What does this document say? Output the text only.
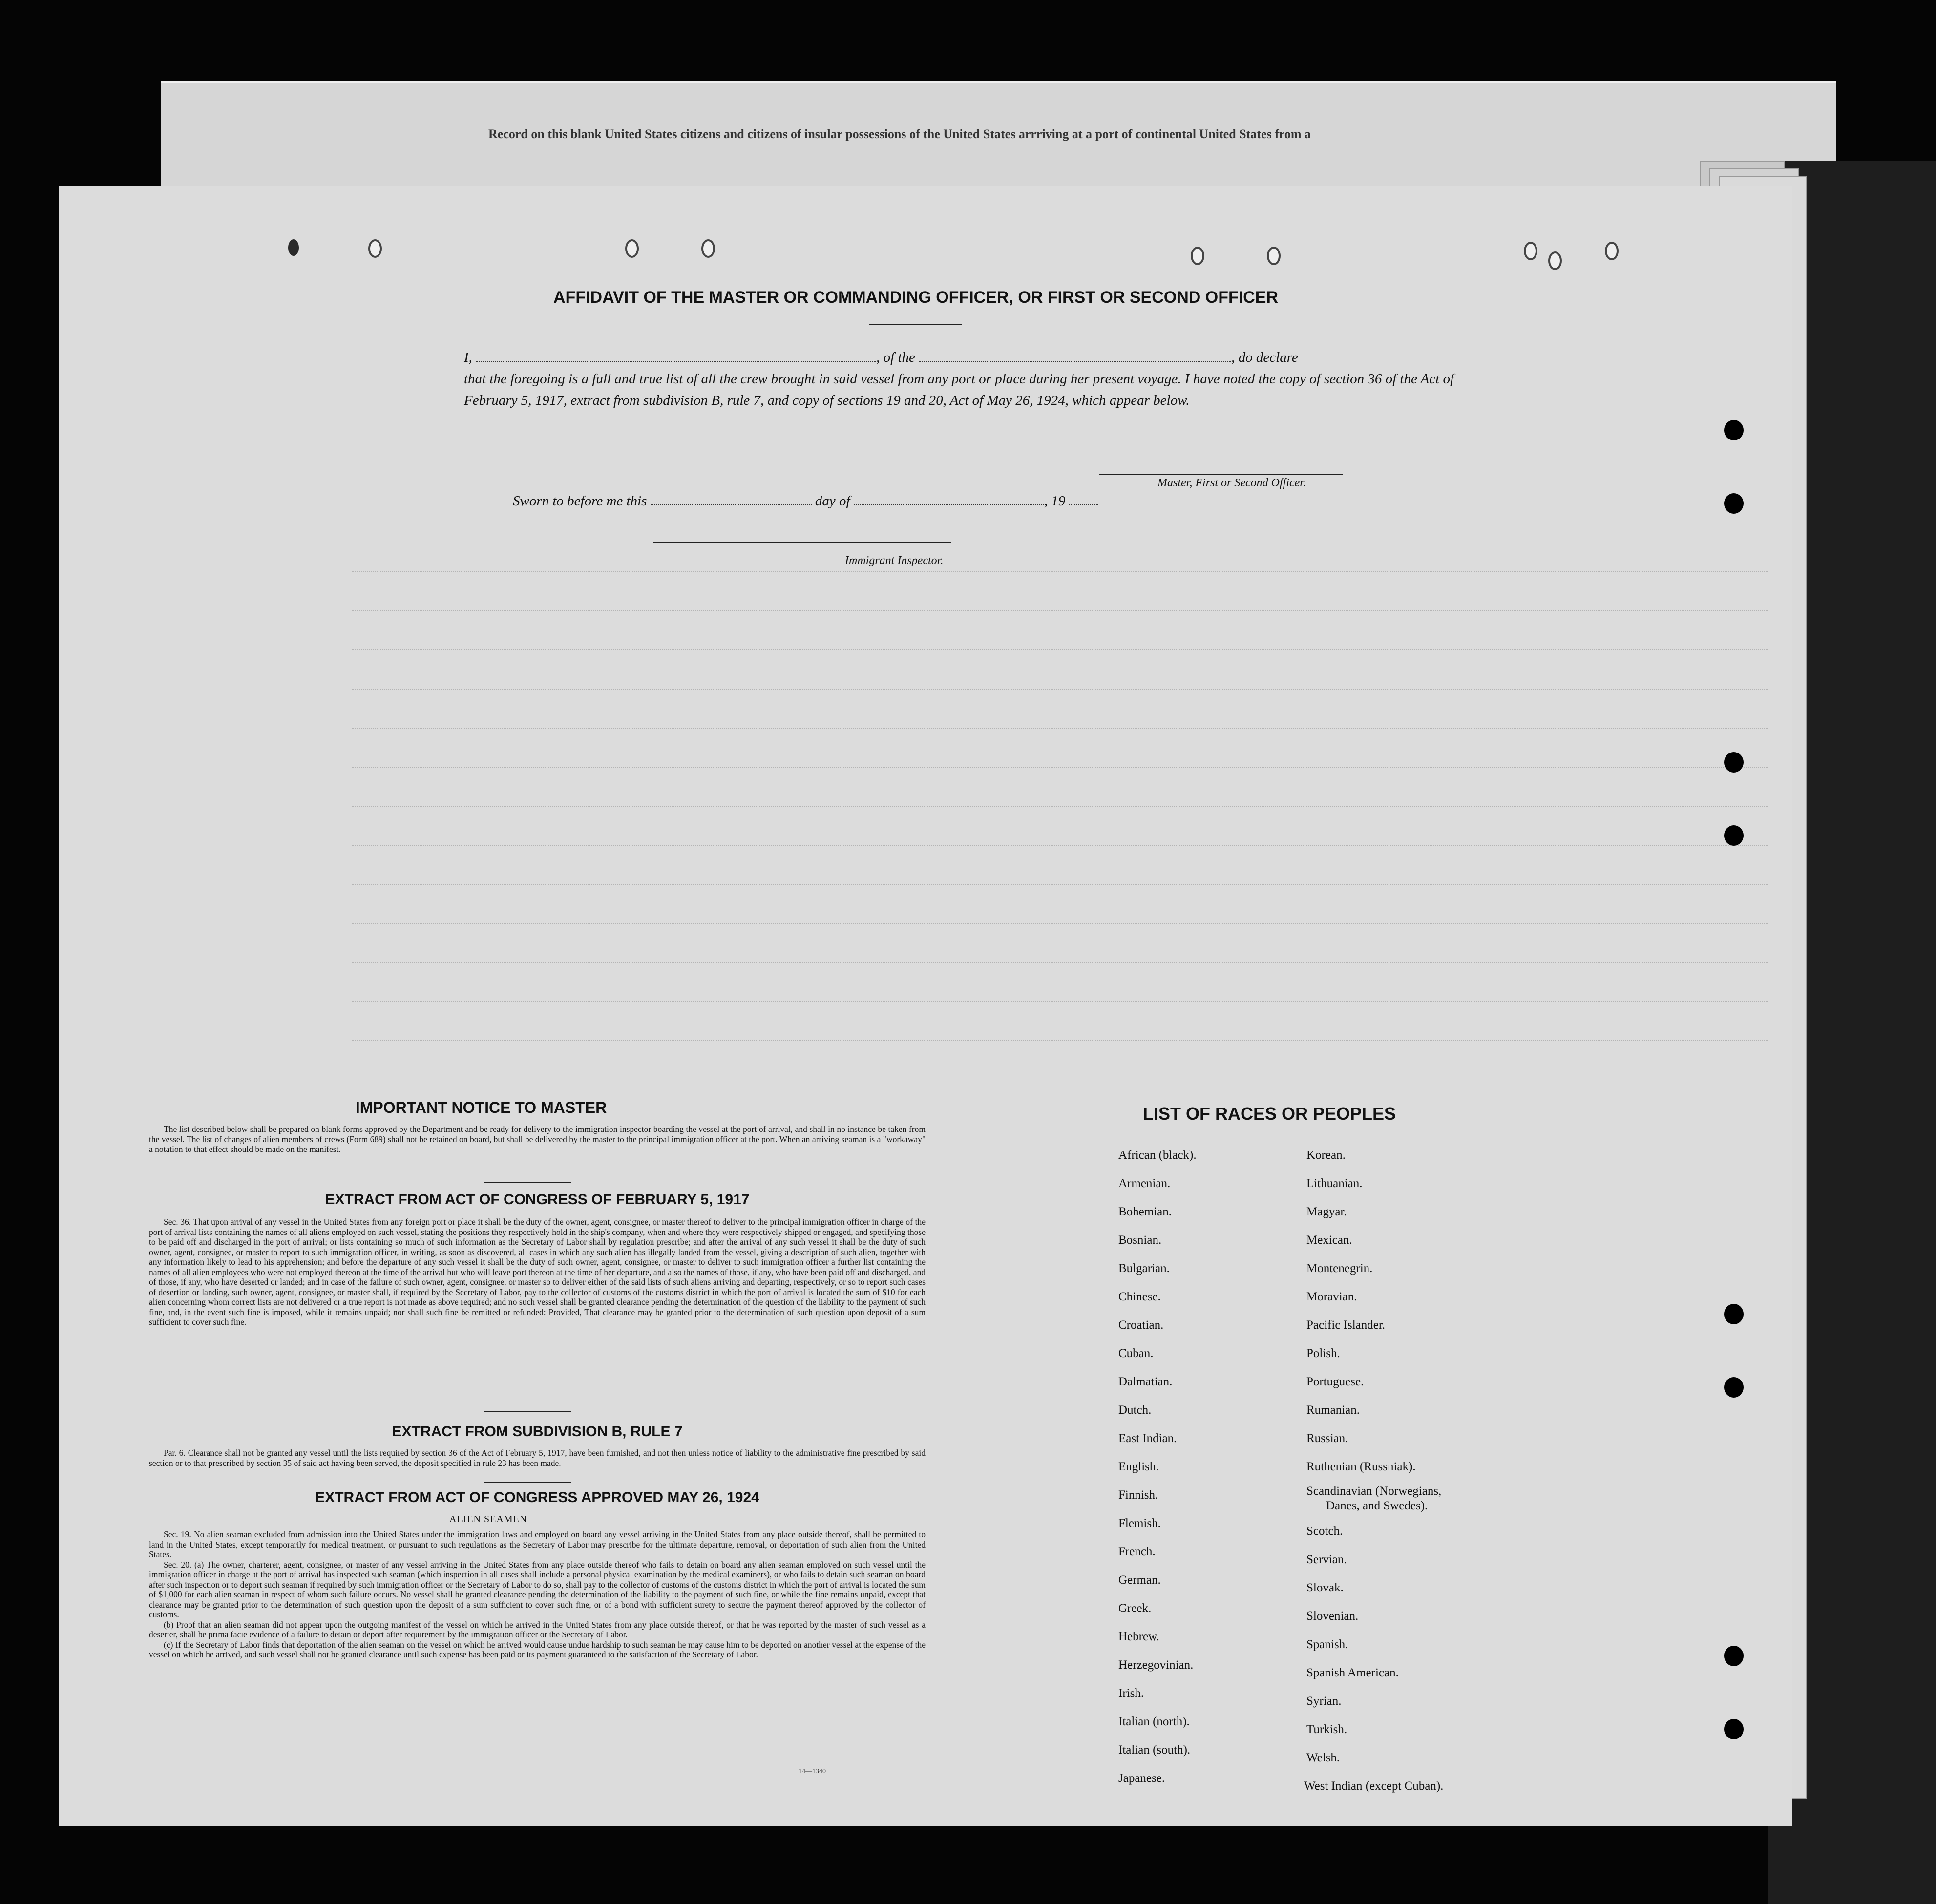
Record on this blank United States citizens and citizens of insular possessions of the United States arrriving at a port of continental United States from a
AFFIDAVIT OF THE MASTER OR COMMANDING OFFICER, OR FIRST OR SECOND OFFICER
I,	, of the	, do declare
that the foregoing is a full and true list of all the crew brought in said vessel from any port or place during her present voyage. I have noted the copy of section 36 of the Act of February 5, 1917, extract from subdivision B, rule 7, and copy of sections 19 and 20, Act of May 26, 1924, which appear below.
Master, First or Second Officer.
Sworn to before me this	day of	, 19
Immigrant Inspector.
IMPORTANT NOTICE TO MASTER

The list described below shall be prepared on blank forms approved by the Department and be ready for delivery to the immigration inspector boarding the vessel at the port of arrival, and shall in no instance be taken from the vessel. The list of changes of alien members of crews (Form 689) shall not be retained on board, but shall be delivered by the master to the principal immigration officer at the port. When an arriving seaman is a "workaway" a notation to that effect should be made on the manifest.

EXTRACT FROM ACT OF CONGRESS OF FEBRUARY 5, 1917

Sec. 36. That upon arrival of any vessel in the United States from any foreign port or place it shall be the duty of the owner, agent, consignee, or master thereof to deliver to the principal immigration officer in charge of the port of arrival lists containing the names of all aliens employed on such vessel, stating the positions they respectively hold in the ship's company, when and where they were respectively shipped or engaged, and specifying those to be paid off and discharged in the port of arrival; or lists containing so much of such information as the Secretary of Labor shall by regulation prescribe; and after the arrival of any such vessel it shall be the duty of such owner, agent, consignee, or master to report to such immigration officer, in writing, as soon as discovered, all cases in which any such alien has illegally landed from the vessel, giving a description of such alien, together with any information likely to lead to his apprehension; and before the departure of any such vessel it shall be the duty of such owner, agent, consignee, or master to deliver to such immigration officer a further list containing the names of all alien employees who were not employed thereon at the time of the arrival but who will leave port thereon at the time of her departure, and also the names of those, if any, who have been paid off and discharged, and of those, if any, who have deserted or landed; and in case of the failure of such owner, agent, consignee, or master so to deliver either of the said lists of such aliens arriving and departing, respectively, or so to report such cases of desertion or landing, such owner, agent, consignee, or master shall, if required by the Secretary of Labor, pay to the collector of customs of the customs district in which the port of arrival is located the sum of $10 for each alien concerning whom correct lists are not delivered or a true report is not made as above required; and no such vessel shall be granted clearance pending the determination of the question of the liability to the payment of such fine, and, in the event such fine is imposed, while it remains unpaid; nor shall such fine be remitted or refunded: Provided, That clearance may be granted prior to the determination of such question upon deposit of a sum sufficient to cover such fine.

EXTRACT FROM SUBDIVISION B, RULE 7

Par. 6. Clearance shall not be granted any vessel until the lists required by section 36 of the Act of February 5, 1917, have been furnished, and not then unless notice of liability to the administrative fine prescribed by said section or to that prescribed by section 35 of said act having been served, the deposit specified in rule 23 has been made.

EXTRACT FROM ACT OF CONGRESS APPROVED MAY 26, 1924
ALIEN SEAMEN

Sec. 19. No alien seaman excluded from admission into the United States under the immigration laws and employed on board any vessel arriving in the United States from any place outside thereof, shall be permitted to land in the United States, except temporarily for medical treatment, or pursuant to such regulations as the Secretary of Labor may prescribe for the ultimate departure, removal, or deportation of such alien from the United States.

Sec. 20. (a) The owner, charterer, agent, consignee, or master of any vessel arriving in the United States from any place outside thereof who fails to detain on board any alien seaman employed on such vessel until the immigration officer in charge at the port of arrival has inspected such seaman (which inspection in all cases shall include a personal physical examination by the medical examiners), or who fails to detain such seaman on board after such inspection or to deport such seaman if required by such immigration officer or the Secretary of Labor to do so, shall pay to the collector of customs of the customs district in which the port of arrival is located the sum of $1,000 for each alien seaman in respect of whom such failure occurs. No vessel shall be granted clearance pending the determination of the liability to the payment of such fine, or while the fine remains unpaid, except that clearance may be granted prior to the determination of such question upon the deposit of a sum sufficient to cover such fine, or of a bond with sufficient surety to secure the payment thereof approved by the collector of customs.

(b) Proof that an alien seaman did not appear upon the outgoing manifest of the vessel on which he arrived in the United States from any place outside thereof, or that he was reported by the master of such vessel as a deserter, shall be prima facie evidence of a failure to detain or deport after requirement by the immigration officer or the Secretary of Labor.

(c) If the Secretary of Labor finds that deportation of the alien seaman on the vessel on which he arrived would cause undue hardship to such seaman he may cause him to be deported on another vessel at the expense of the vessel on which he arrived, and such vessel shall not be granted clearance until such expense has been paid or its payment guaranteed to the satisfaction of the Secretary of Labor.

14—1340
LIST OF RACES OR PEOPLES
African (black).
Armenian.
Bohemian.
Bosnian.
Bulgarian.
Chinese.
Croatian.
Cuban.
Dalmatian.
Dutch.
East Indian.
English.
Finnish.
Flemish.
French.
German.
Greek.
Hebrew.
Herzegovinian.
Irish.
Italian (north).
Italian (south).
Japanese.
Korean.
Lithuanian.
Magyar.
Mexican.
Montenegrin.
Moravian.
Pacific Islander.
Polish.
Portuguese.
Rumanian.
Russian.
Ruthenian (Russniak).
Scandinavian (Norwegians,
Danes, and Swedes).
Scotch.
Servian.
Slovak.
Slovenian.
Spanish.
Spanish American.
Syrian.
Turkish.
Welsh.
West Indian (except Cuban).
